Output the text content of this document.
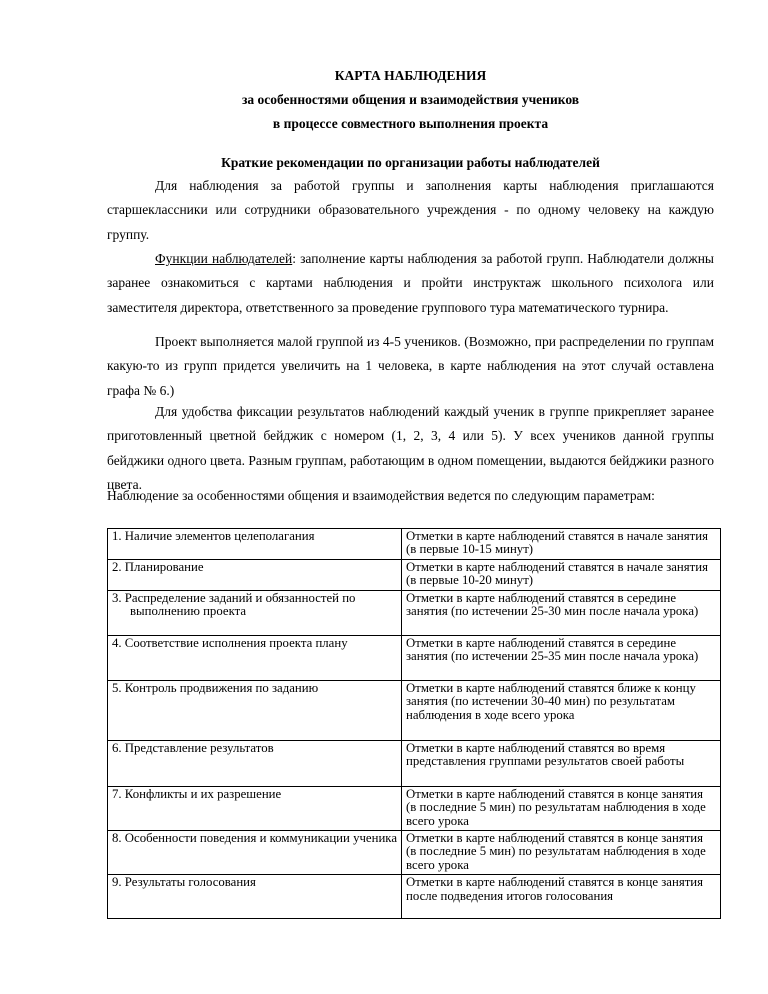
КАРТА НАБЛЮДЕНИЯ
за особенностями общения и взаимодействия учеников
в процессе совместного выполнения проекта
Краткие рекомендации по организации работы наблюдателей
Для наблюдения за работой группы и заполнения карты наблюдения приглашаются старшеклассники или сотрудники образовательного учреждения - по одному человеку на каждую группу.
Функции наблюдателей: заполнение карты наблюдения за работой групп. Наблюдатели должны заранее ознакомиться с картами наблюдения и пройти инструктаж школьного психолога или заместителя директора, ответственного за проведение группового тура математического турнира.
Проект выполняется малой группой из 4-5 учеников. (Возможно, при распределении по группам какую-то из групп придется увеличить на 1 человека, в карте наблюдения на этот случай оставлена графа № 6.)
Для удобства фиксации результатов наблюдений каждый ученик в группе прикрепляет заранее приготовленный цветной бейджик с номером (1, 2, 3, 4 или 5). У всех учеников данной группы бейджики одного цвета. Разным группам, работающим в одном помещении, выдаются бейджики разного цвета.
Наблюдение за особенностями общения и взаимодействия ведется по следующим параметрам:
1. Наличие элементов целеполагания	Отметки в карте наблюдений ставятся в начале занятия (в первые 10-15 минут)

2. Планирование	Отметки в карте наблюдений ставятся в начале занятия (в первые 10-20 минут)

3. Распределение заданий и обязанностей по выполнению проекта	Отметки в карте наблюдений ставятся в середине занятия (по истечении 25-30 мин после начала урока)

4. Соответствие исполнения проекта плану	Отметки в карте наблюдений ставятся в середине занятия (по истечении 25-35 мин после начала урока)

5. Контроль продвижения по заданию	Отметки в карте наблюдений ставятся ближе к концу занятия (по истечении 30-40 мин) по результатам наблюдения в ходе всего урока

6. Представление результатов	Отметки в карте наблюдений ставятся во время представления группами результатов своей работы

7. Конфликты и их разрешение	Отметки в карте наблюдений ставятся в конце занятия (в последние 5 мин) по результатам наблюдения в ходе всего урока

8. Особенности поведения и коммуникации ученика	Отметки в карте наблюдений ставятся в конце занятия (в последние 5 мин) по результатам наблюдения в ходе всего урока

9. Результаты голосования	Отметки в карте наблюдений ставятся в конце занятия после подведения итогов голосования
